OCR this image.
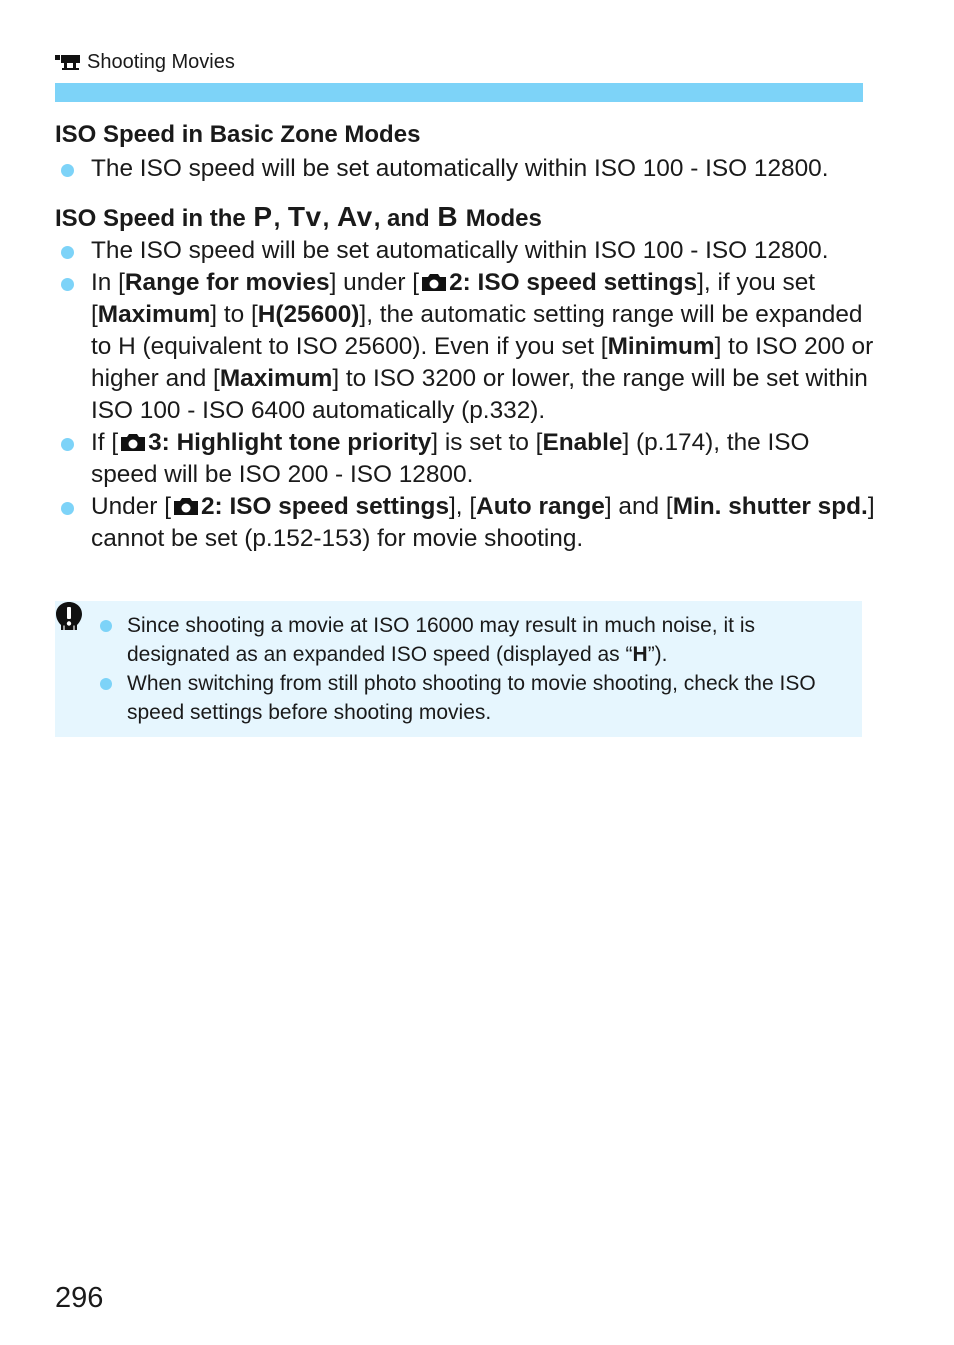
Shooting Movies
ISO Speed in Basic Zone Modes
The ISO speed will be set automatically within ISO 100 - ISO 12800.
ISO Speed in the
P ,
Tv ,
Av , and
B
Modes
The ISO speed will be set automatically within ISO 100 - ISO 12800.
In [Range for movies] under [ 2: ISO speed settings], if you set [Maximum] to [H(25600)], the automatic setting range will be expanded to H (equivalent to ISO 25600). Even if you set [Minimum] to ISO 200 or higher and [Maximum] to ISO 3200 or lower, the range will be set within ISO 100 - ISO 6400 automatically (p.332).
If [ 3: Highlight tone priority] is set to [Enable] (p.174), the ISO speed will be ISO 200 - ISO 12800.
Under [ 2: ISO speed settings], [Auto range] and [Min. shutter spd.] cannot be set (p.152-153) for movie shooting.
Since shooting a movie at ISO 16000 may result in much noise, it is designated as an expanded ISO speed (displayed as “H”).
When switching from still photo shooting to movie shooting, check the ISO speed settings before shooting movies.
296
